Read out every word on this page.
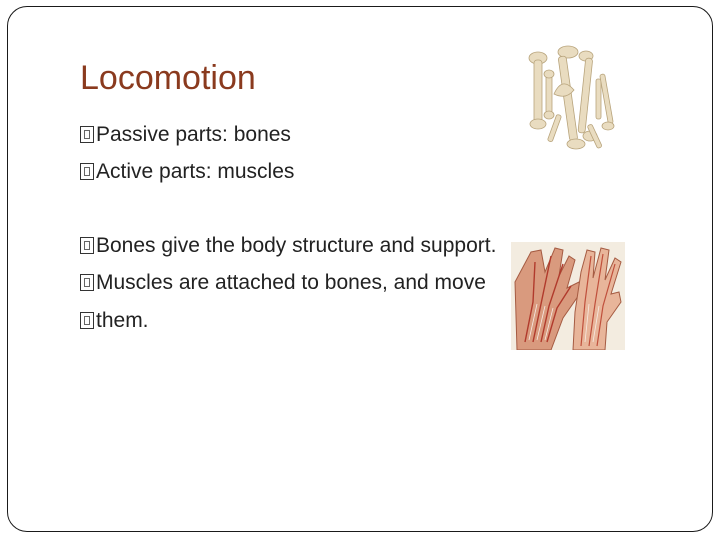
Locomotion
Passive parts: bones
Active parts: muscles
Bones give the body structure and support.
Muscles are attached to bones, and move
them.
